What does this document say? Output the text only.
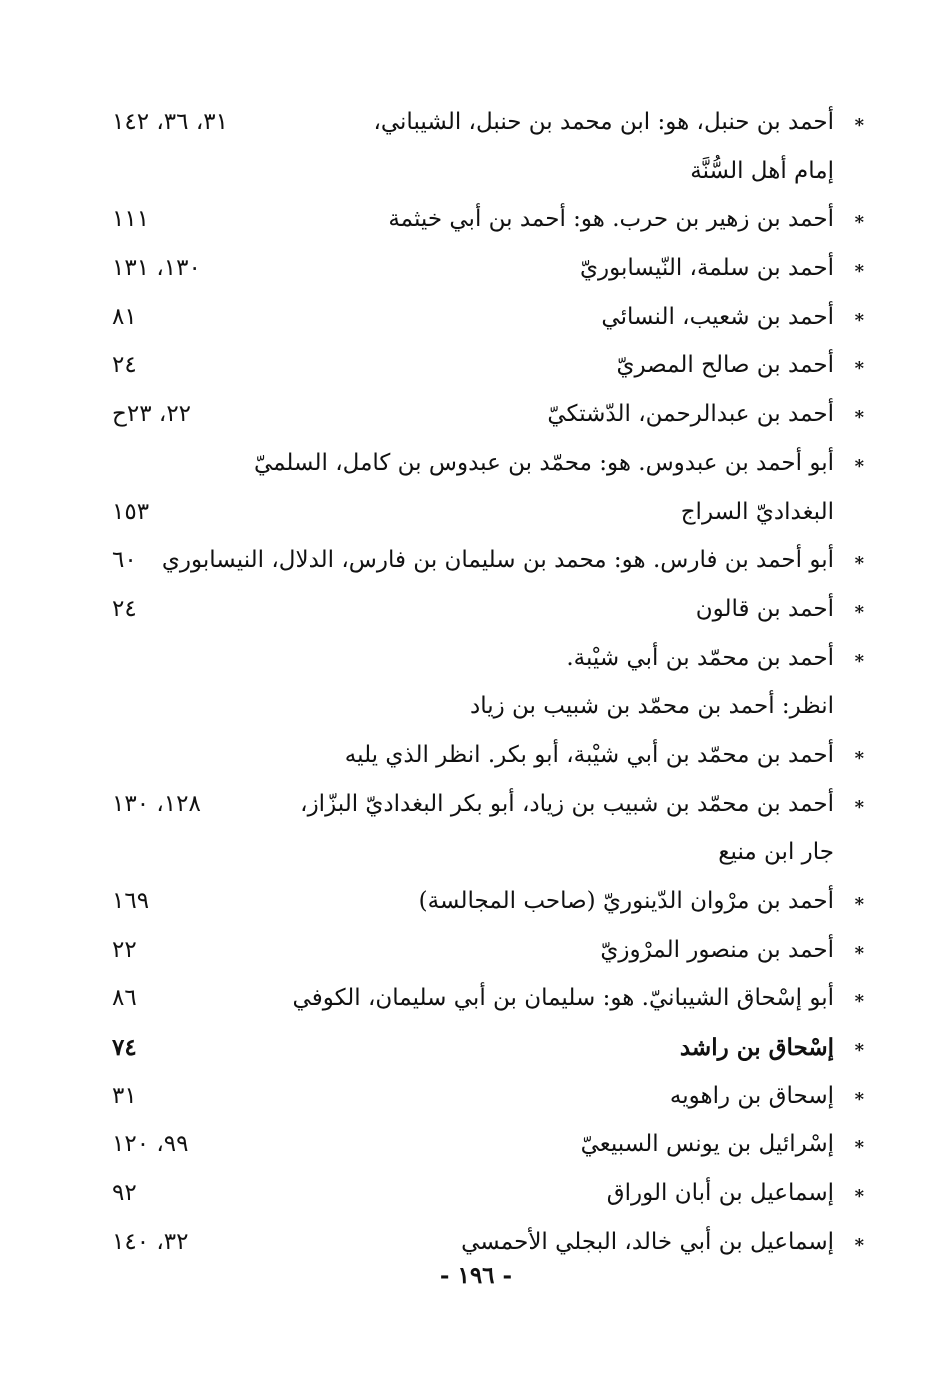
*
أحمد بن حنبل، هو: ابن محمد بن حنبل، الشيباني،
٣١، ٣٦، ١٤٢
إمام أهل السُّنَّة
*
أحمد بن زهير بن حرب. هو: أحمد بن أبي خيثمة
١١١
*
أحمد بن سلمة، النّيسابوريّ
١٣٠، ١٣١
*
أحمد بن شعيب، النسائي
٨١
*
أحمد بن صالح المصريّ
٢٤
*
أحمد بن عبدالرحمن، الدّشتكيّ
٢٢، ٢٣ح
*
أبو أحمد بن عبدوس. هو: محمّد بن عبدوس بن كامل، السلميّ
البغداديّ السراج
١٥٣
*
أبو أحمد بن فارس. هو: محمد بن سليمان بن فارس، الدلال، النيسابوري
٦٠
*
أحمد بن قالون
٢٤
*
أحمد بن محمّد بن أبي شيْبة.
انظر: أحمد بن محمّد بن شبيب بن زياد
*
أحمد بن محمّد بن أبي شيْبة، أبو بكر. انظر الذي يليه
*
أحمد بن محمّد بن شبيب بن زياد، أبو بكر البغداديّ البزّاز،
١٢٨، ١٣٠
جار ابن منيع
*
أحمد بن مرْوان الدّينوريّ (صاحب المجالسة)
١٦٩
*
أحمد بن منصور المرْوزيّ
٢٢
*
أبو إسْحاق الشيبانيّ. هو: سليمان بن أبي سليمان، الكوفي
٨٦
*
إسْحاق بن راشد
٧٤
*
إسحاق بن راهويه
٣١
*
إسْرائيل بن يونس السبيعيّ
٩٩، ١٢٠
*
إسماعيل بن أبان الوراق
٩٢
*
إسماعيل بن أبي خالد، البجلي الأحمسي
٣٢، ١٤٠
- ١٩٦ -
